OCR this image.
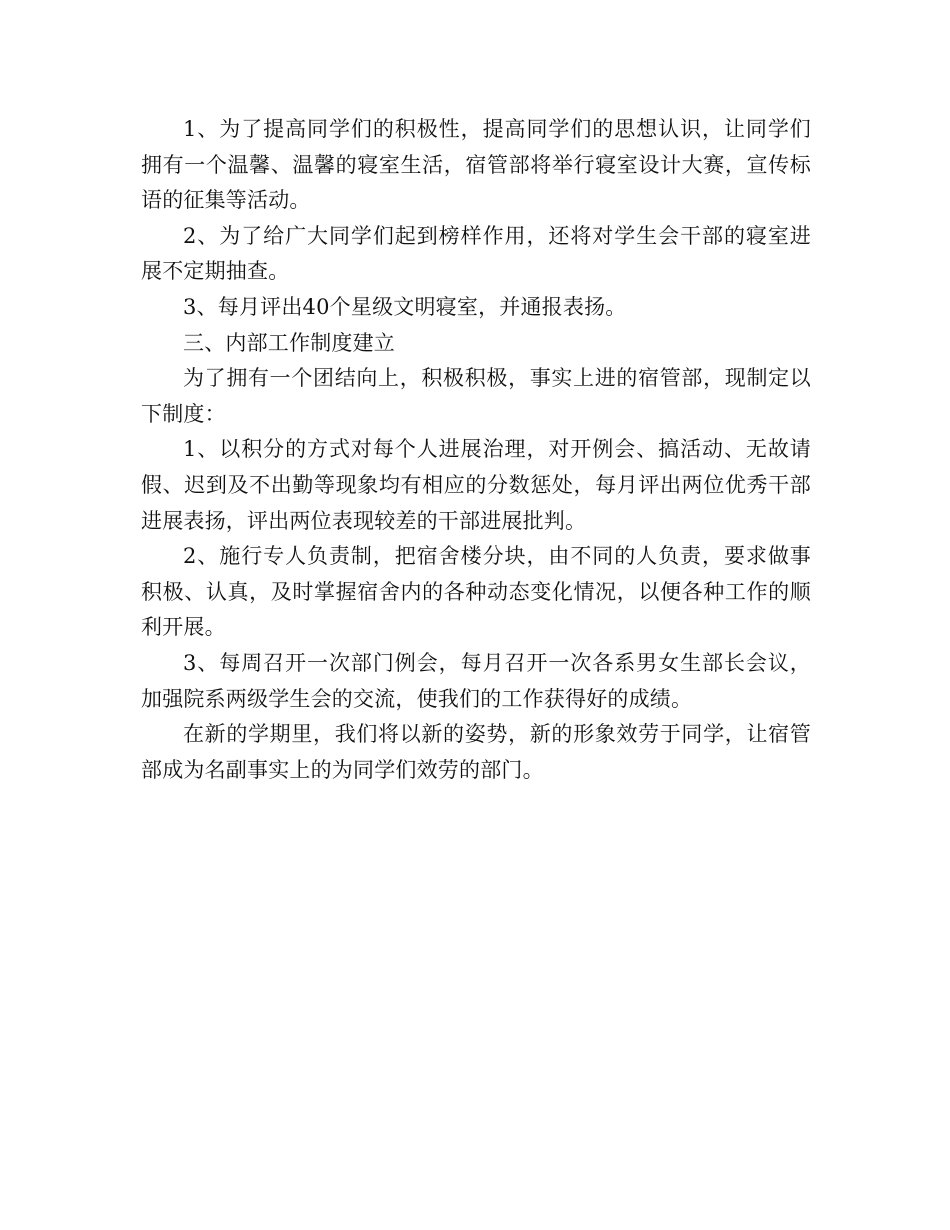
1、为了提高同学们的积极性，提高同学们的思想认识，让同学们拥有一个温馨、温馨的寝室生活，宿管部将举行寝室设计大赛，宣传标语的征集等活动。

2、为了给广大同学们起到榜样作用，还将对学生会干部的寝室进展不定期抽查。

3、每月评出40个星级文明寝室，并通报表扬。

三、内部工作制度建立

为了拥有一个团结向上，积极积极，事实上进的宿管部，现制定以下制度：

1、以积分的方式对每个人进展治理，对开例会、搞活动、无故请假、迟到及不出勤等现象均有相应的分数惩处，每月评出两位优秀干部进展表扬，评出两位表现较差的干部进展批判。

2、施行专人负责制，把宿舍楼分块，由不同的人负责，要求做事积极、认真，及时掌握宿舍内的各种动态变化情况，以便各种工作的顺利开展。

3、每周召开一次部门例会，每月召开一次各系男女生部长会议，加强院系两级学生会的交流，使我们的工作获得好的成绩。

在新的学期里，我们将以新的姿势，新的形象效劳于同学，让宿管部成为名副事实上的为同学们效劳的部门。
